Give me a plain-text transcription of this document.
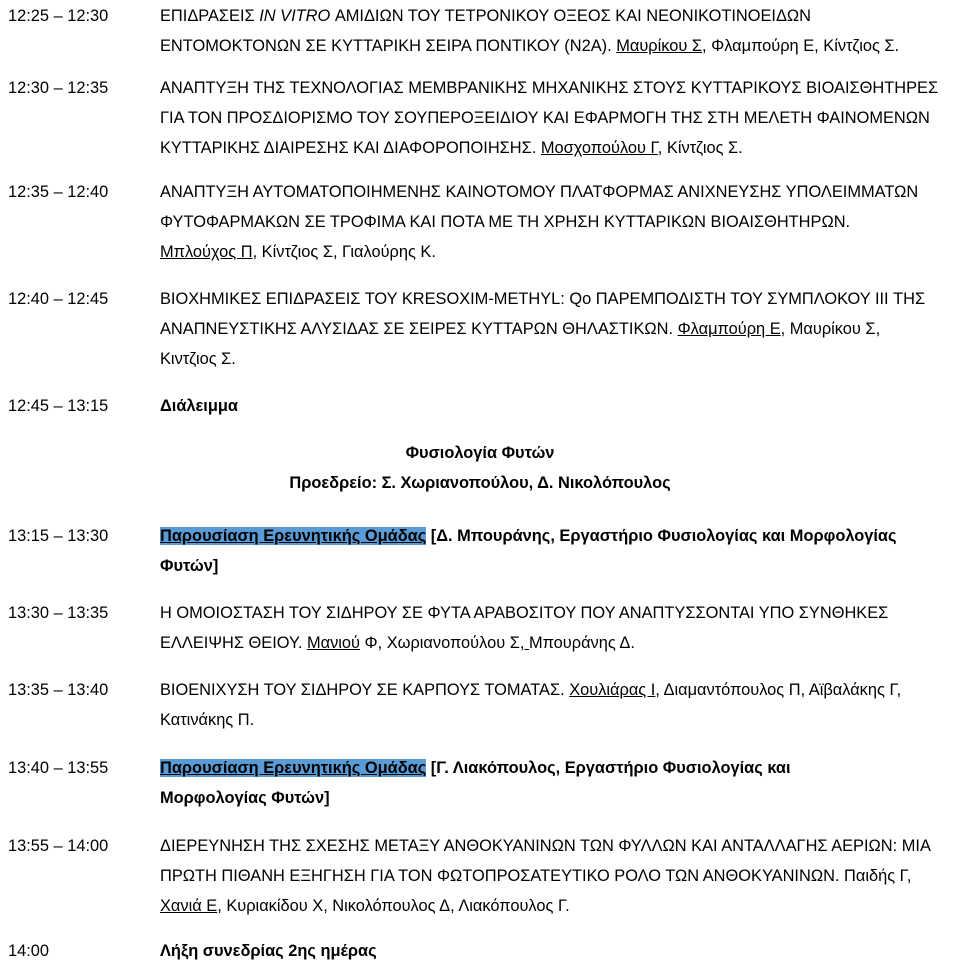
12:25 – 12:30	ΕΠΙΔΡΑΣΕΙΣ IN VITRO ΑΜΙΔΙΩΝ ΤΟΥ ΤΕΤΡΟΝΙΚΟΥ ΟΞΕΟΣ ΚΑΙ ΝΕΟΝΙΚΟΤΙΝΟΕΙΔΩΝ
ΕΝΤΟΜΟΚΤΟΝΩΝ ΣΕ ΚΥΤΤΑΡΙΚΗ ΣΕΙΡΑ ΠΟΝΤΙΚΟΥ (N2A). Μαυρίκου Σ, Φλαμπούρη Ε, Κίντζιος Σ.
12:30 – 12:35	ΑΝΑΠΤΥΞΗ ΤΗΣ ΤΕΧΝΟΛΟΓΙΑΣ ΜΕΜΒΡΑΝΙΚΗΣ ΜΗΧΑΝΙΚΗΣ ΣΤΟΥΣ ΚΥΤΤΑΡΙΚΟΥΣ ΒΙΟΑΙΣΘΗΤΗΡΕΣ
ΓΙΑ ΤΟΝ ΠΡΟΣΔΙΟΡΙΣΜΟ ΤΟΥ ΣΟΥΠΕΡΟΞΕΙΔΙΟΥ ΚΑΙ ΕΦΑΡΜΟΓΗ ΤΗΣ ΣΤΗ ΜΕΛΕΤΗ ΦΑΙΝΟΜΕΝΩΝ
ΚΥΤΤΑΡΙΚΗΣ ΔΙΑΙΡΕΣΗΣ ΚΑΙ ΔΙΑΦΟΡΟΠΟΙΗΣΗΣ. Μοσχοπούλου Γ, Κίντζιος Σ.
12:35 – 12:40	ΑΝΑΠΤΥΞΗ ΑΥΤΟΜΑΤΟΠΟΙΗΜΕΝΗΣ ΚΑΙΝΟΤΟΜΟΥ ΠΛΑΤΦΟΡΜΑΣ ΑΝΙΧΝΕΥΣΗΣ ΥΠΟΛΕΙΜΜΑΤΩΝ
ΦΥΤΟΦΑΡΜΑΚΩΝ ΣΕ ΤΡΟΦΙΜΑ ΚΑΙ ΠΟΤΑ ΜΕ ΤΗ ΧΡΗΣΗ ΚΥΤΤΑΡΙΚΩΝ ΒΙΟΑΙΣΘΗΤΗΡΩΝ.
Μπλούχος Π, Κίντζιος Σ, Γιαλούρης Κ.
12:40 – 12:45	ΒΙΟΧΗΜΙΚΕΣ ΕΠΙΔΡΑΣΕΙΣ ΤΟΥ KRESOXIM-METHYL: Qo ΠΑΡΕΜΠΟΔΙΣΤΗ ΤΟΥ ΣΥΜΠΛΟΚΟΥ III ΤΗΣ
ΑΝΑΠΝΕΥΣΤΙΚΗΣ ΑΛΥΣΙΔΑΣ ΣΕ ΣΕΙΡΕΣ ΚΥΤΤΑΡΩΝ ΘΗΛΑΣΤΙΚΩΝ. Φλαμπούρη Ε, Μαυρίκου Σ,
Κιντζιος Σ.
12:45 – 13:15	Διάλειμμα
Φυσιολογία Φυτών
Προεδρείο: Σ. Χωριανοπούλου, Δ. Νικολόπουλος
13:15 – 13:30	Παρουσίαση Ερευνητικής Ομάδας [Δ. Μπουράνης, Εργαστήριο Φυσιολογίας και Μορφολογίας
Φυτών]
13:30 – 13:35	Η ΟΜΟΙΟΣΤΑΣΗ ΤΟΥ ΣΙΔΗΡΟΥ ΣΕ ΦΥΤΑ ΑΡΑΒΟΣΙΤΟΥ ΠΟΥ ΑΝΑΠΤΥΣΣΟΝΤΑΙ ΥΠΟ ΣΥΝΘΗΚΕΣ
ΕΛΛΕΙΨΗΣ ΘΕΙΟΥ. Μανιού Φ, Χωριανοπούλου Σ, Μπουράνης Δ.
13:35 – 13:40	ΒΙΟΕΝΙΧΥΣΗ ΤΟΥ ΣΙΔΗΡΟΥ ΣΕ ΚΑΡΠΟΥΣ ΤΟΜΑΤΑΣ. Χουλιάρας Ι, Διαμαντόπουλος Π, Αϊβαλάκης Γ,
Κατινάκης Π.
13:40 – 13:55	Παρουσίαση Ερευνητικής Ομάδας [Γ. Λιακόπουλος, Εργαστήριο Φυσιολογίας και
Μορφολογίας Φυτών]
13:55 – 14:00	ΔΙΕΡΕΥΝΗΣΗ ΤΗΣ ΣΧΕΣΗΣ ΜΕΤΑΞΥ ΑΝΘΟΚΥΑΝΙΝΩΝ ΤΩΝ ΦΥΛΛΩΝ ΚΑΙ ΑΝΤΑΛΛΑΓΗΣ ΑΕΡΙΩΝ: ΜΙΑ
ΠΡΩΤΗ ΠΙΘΑΝΗ ΕΞΗΓΗΣΗ ΓΙΑ ΤΟΝ ΦΩΤΟΠΡΟΣΑΤΕΥΤΙΚΟ ΡΟΛΟ ΤΩΝ ΑΝΘΟΚΥΑΝΙΝΩΝ. Παιδής Γ,
Χανιά Ε, Κυριακίδου Χ, Νικολόπουλος Δ, Λιακόπουλος Γ.
14:00	Λήξη συνεδρίας 2ης ημέρας
